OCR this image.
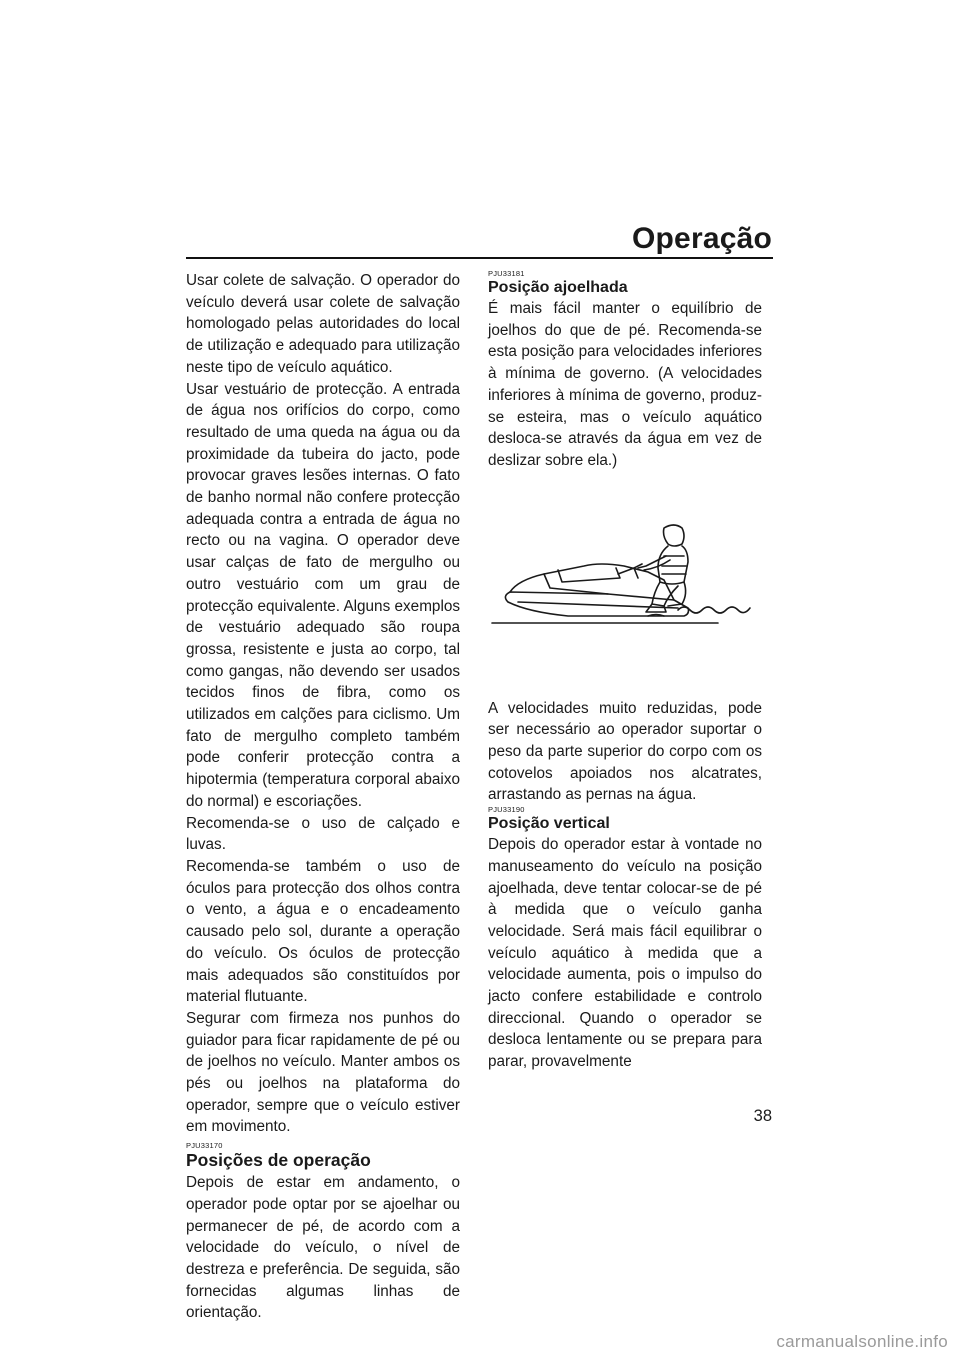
Operação

Usar colete de salvação. O operador do veículo deverá usar colete de salvação homologado pelas autoridades do local de utilização e adequado para utilização neste tipo de veículo aquático.

Usar vestuário de protecção. A entrada de água nos orifícios do corpo, como resultado de uma queda na água ou da proximidade da tubeira do jacto, pode provocar graves lesões internas. O fato de banho normal não confere protecção adequada contra a entrada de água no recto ou na vagina. O operador deve usar calças de fato de mergulho ou outro vestuário com um grau de protecção equivalente. Alguns exemplos de vestuário adequado são roupa grossa, resistente e justa ao corpo, tal como gangas, não devendo ser usados tecidos finos de fibra, como os utilizados em calções para ciclismo. Um fato de mergulho completo também pode conferir protecção contra a hipotermia (temperatura corporal abaixo do normal) e escoriações.

Recomenda-se o uso de calçado e luvas.

Recomenda-se também o uso de óculos para protecção dos olhos contra o vento, a água e o encadeamento causado pelo sol, durante a operação do veículo. Os óculos de protecção mais adequados são constituídos por material flutuante.

Segurar com firmeza nos punhos do guiador para ficar rapidamente de pé ou de joelhos no veículo. Manter ambos os pés ou joelhos na plataforma do operador, sempre que o veículo estiver em movimento.

PJU33170
Posições de operação

Depois de estar em andamento, o operador pode optar por se ajoelhar ou permanecer de pé, de acordo com a velocidade do veículo, o nível de destreza e preferência. De seguida, são fornecidas algumas linhas de orientação.

PJU33181
Posição ajoelhada

É mais fácil manter o equilíbrio de joelhos do que de pé. Recomenda-se esta posição para velocidades inferiores à mínima de governo. (A velocidades inferiores à mínima de governo, produz-se esteira, mas o veículo aquático desloca-se através da água em vez de deslizar sobre ela.)

A velocidades muito reduzidas, pode ser necessário ao operador suportar o peso da parte superior do corpo com os cotovelos apoiados nos alcatrates, arrastando as pernas na água.

PJU33190
Posição vertical

Depois do operador estar à vontade no manuseamento do veículo na posição ajoelhada, deve tentar colocar-se de pé à medida que o veículo ganha velocidade. Será mais fácil equilibrar o veículo aquático à medida que a velocidade aumenta, pois o impulso do jacto confere estabilidade e controlo direccional. Quando o operador se desloca lentamente ou se prepara para parar, provavelmente

38
carmanualsonline.info
